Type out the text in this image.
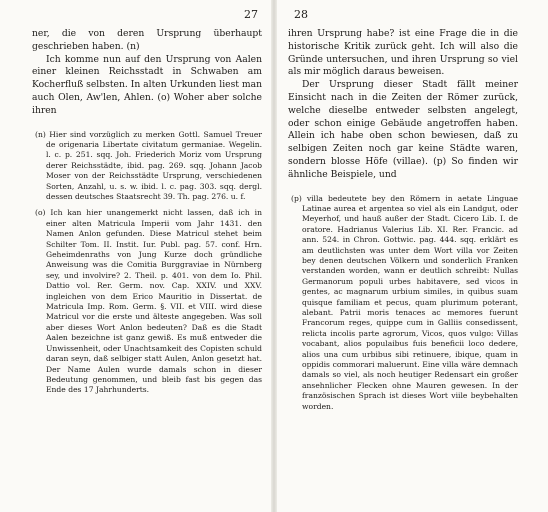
27

ner, die von deren Ursprung überhaupt geschrieben haben. (n)

Ich komme nun auf den Ursprung von Aalen einer kleinen Reichsstadt in Schwaben am Kocherfluß selbsten. In alten Urkunden liest man auch Olen, Aw'len, Ahlen. (o) Woher aber solche ihren

(n) Hier sind vorzüglich zu merken Gottl. Samuel Treuer de origenaria Libertate civitatum germaniae. Wegelin. l. c. p. 251. sqq. Joh. Friederich Moriz vom Ursprung derer Reichsstädte, ibid. pag. 269. sqq. Johann Jacob Moser von der Reichsstädte Ursprung, verschiedenen Sorten, Anzahl, u. s. w. ibid. l. c. pag. 303. sqq. dergl. dessen deutsches Staatsrecht 39. Th. pag. 276. u. f.

(o) Ich kan hier unangemerkt nicht lassen, daß ich in einer alten Matricula Imperii vom Jahr 1431. den Namen Anlon gefunden. Diese Matricul stehet beim Schilter Tom. II. Instit. Iur. Publ. pag. 57. conf. Hrn. Geheimdenraths von Jung Kurze doch gründliche Anweisung was die Comitia Burggraviae in Nürnberg sey, und involvire? 2. Theil. p. 401. von dem Io. Phil. Dattio vol. Rer. Germ. nov. Cap. XXIV. und XXV. ingleichen von dem Erico Mauritio in Dissertat. de Matricula Imp. Rom. Germ. §. VII. et VIII. wird diese Matricul vor die erste und älteste angegeben. Was soll aber dieses Wort Anlon bedeuten? Daß es die Stadt Aalen bezeichne ist ganz gewiß. Es muß entweder die Unwissenheit, oder Unachtsamkeit des Copisten schuld daran seyn, daß selbiger statt Aulen, Anlon gesetzt hat. Der Name Aulen wurde damals schon in dieser Bedeutung genommen, und bleib fast bis gegen das Ende des 17 Jahrhunderts.

28

ihren Ursprung habe? ist eine Frage die in die historische Kritik zurück geht. Ich will also die Gründe untersuchen, und ihren Ursprung so viel als mir möglich daraus beweisen.

Der Ursprung dieser Stadt fällt meiner Einsicht nach in die Zeiten der Römer zurück, welche dieselbe entweder selbsten angelegt, oder schon einige Gebäude angetroffen haben. Allein ich habe oben schon bewiesen, daß zu selbigen Zeiten noch gar keine Städte waren, sondern blosse Höfe (villae). (p) So finden wir ähnliche Beispiele, und

(p) villa bedeutete bey den Römern in aetate Linguae Latinae aurea et argentea so viel als ein Landgut, oder Meyerhof, und hauß außer der Stadt. Cicero Lib. I. de oratore. Hadrianus Valerius Lib. XI. Rer. Francic. ad ann. 524. in Chron. Gottwic. pag. 444. sqq. erklärt es am deutlichsten was unter dem Wort villa vor Zeiten bey denen deutschen Völkern und sonderlich Franken verstanden worden, wann er deutlich schreibt: Nullas Germanorum populi urbes habitavere, sed vicos in gentes, ac magnarum urbium similes, in quibus suam quisque familiam et pecus, quam plurimum poterant, alebant. Patrii moris tenaces ac memores fuerunt Francorum reges, quippe cum in Galliis consedissent, relicta incolis parte agrorum, Vicos, quos vulgo: Villas vocabant, alios populaibus fuis beneficii loco dedere, alios una cum urbibus sibi retinuere, ibique, quam in oppidis commorari maluerunt. Eine villa wäre demnach damals so viel, als noch heutiger Redensart ein großer ansehnlicher Flecken ohne Mauren gewesen. In der französischen Sprach ist dieses Wort viile beybehalten worden.
